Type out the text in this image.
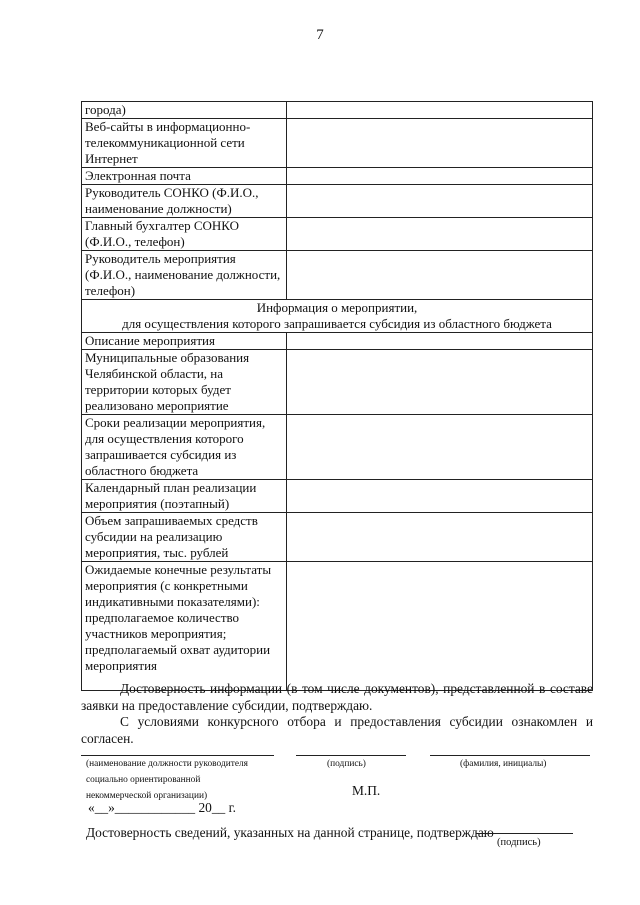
7
города)	
Веб-сайты в информационно-телекоммуникационной сети Интернет	
Электронная почта	
Руководитель СОНКО (Ф.И.О., наименование должности)	
Главный бухгалтер СОНКО (Ф.И.О., телефон)	
Руководитель мероприятия (Ф.И.О., наименование должности, телефон)	

Информация о мероприятии,
для осуществления которого запрашивается субсидия из областного бюджета	

Описание мероприятия	
Муниципальные образования Челябинской области, на территории которых будет реализовано мероприятие	
Сроки реализации мероприятия, для осуществления которого запрашивается субсидия из областного бюджета	
Календарный план реализации мероприятия (поэтапный)	
Объем запрашиваемых средств субсидии на реализацию мероприятия, тыс. рублей	
Ожидаемые конечные результаты мероприятия (с конкретными индикативными показателями): предполагаемое количество участников мероприятия; предполагаемый охват аудитории мероприятия	
Достоверность информации (в том числе документов), представленной в составе заявки на предоставление субсидии, подтверждаю.
С условиями конкурсного отбора и предоставления субсидии ознакомлен и согласен.
(наименование должности руководителя
социально ориентированной
некоммерческой организации)
(подпись)	(фамилия, инициалы)
М.П.
«__»____________ 20__ г.
Достоверность сведений, указанных на данной странице, подтверждаю
(подпись)
